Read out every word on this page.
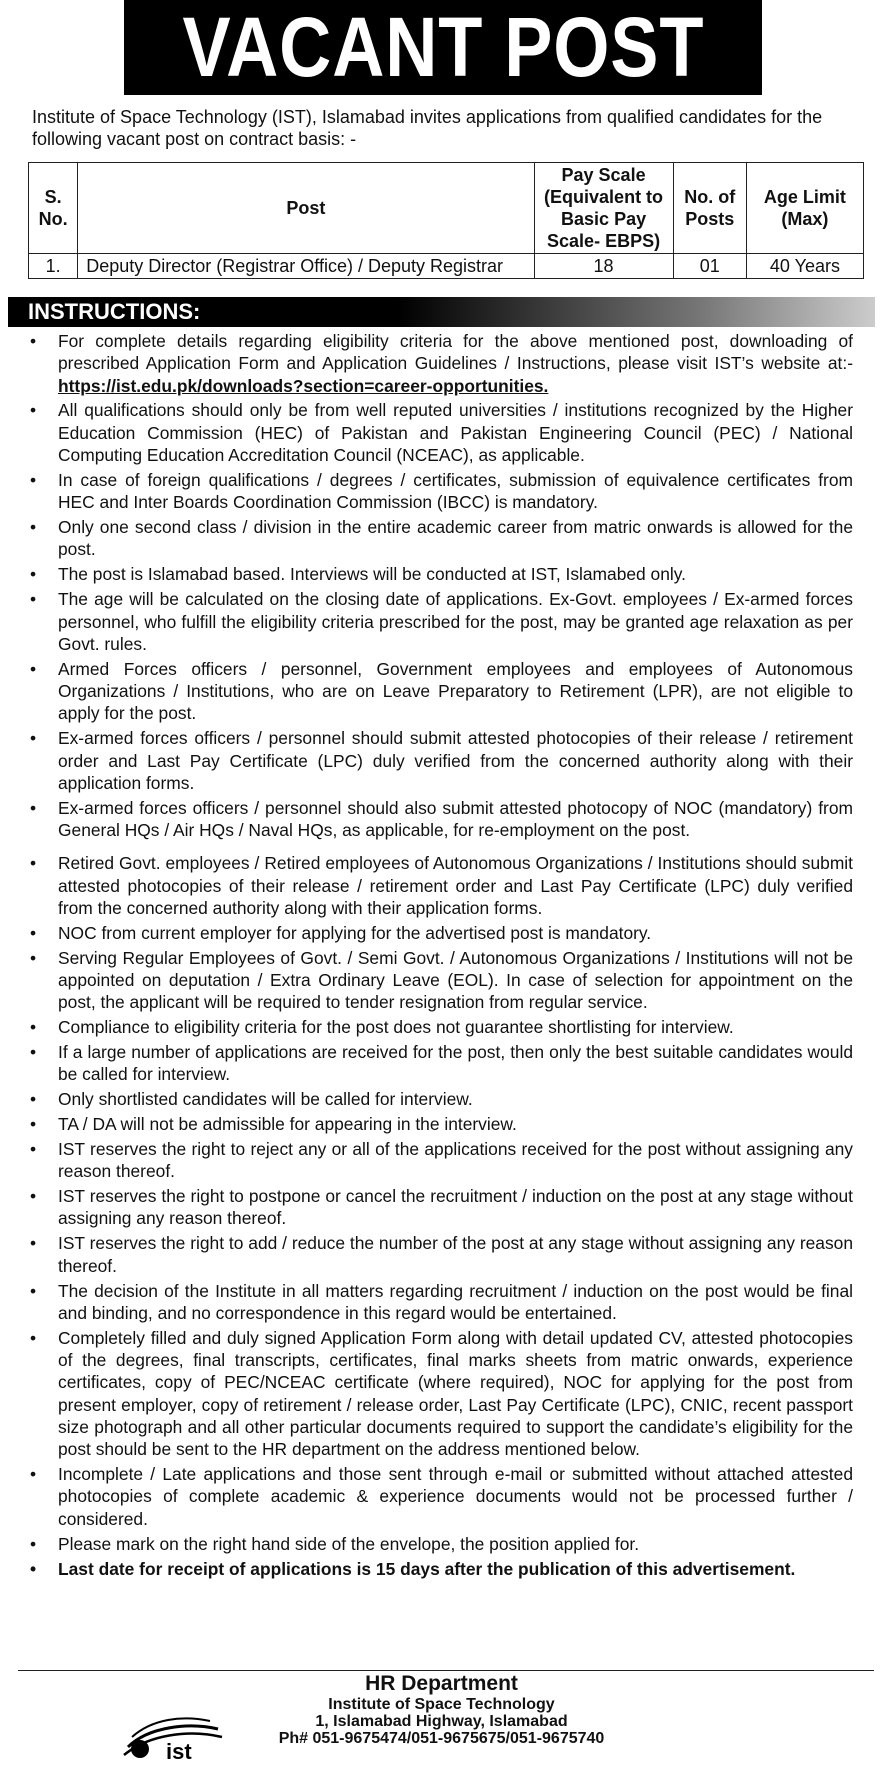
VACANT POST
Institute of Space Technology (IST), Islamabad invites applications from qualified candidates for the following vacant post on contract basis: -
S. No.	Post	Pay Scale (Equivalent to Basic Pay Scale- EBPS)	No. of Posts	Age Limit (Max)
1.	Deputy Director (Registrar Office) / Deputy Registrar	18	01	40 Years
INSTRUCTIONS:
• For complete details regarding eligibility criteria for the above mentioned post, downloading of prescribed Application Form and Application Guidelines / Instructions, please visit IST’s website at:-https://ist.edu.pk/downloads?section=career-opportunities.
• All qualifications should only be from well reputed universities / institutions recognized by the Higher Education Commission (HEC) of Pakistan and Pakistan Engineering Council (PEC) / National Computing Education Accreditation Council (NCEAC), as applicable.
• In case of foreign qualifications / degrees / certificates, submission of equivalence certificates from HEC and Inter Boards Coordination Commission (IBCC) is mandatory.
• Only one second class / division in the entire academic career from matric onwards is allowed for the post.
• The post is Islamabad based. Interviews will be conducted at IST, Islamabed only.
• The age will be calculated on the closing date of applications. Ex-Govt. employees / Ex-armed forces personnel, who fulfill the eligibility criteria prescribed for the post, may be granted age relaxation as per Govt. rules.
• Armed Forces officers / personnel, Government employees and employees of Autonomous Organizations / Institutions, who are on Leave Preparatory to Retirement (LPR), are not eligible to apply for the post.
• Ex-armed forces officers / personnel should submit attested photocopies of their release / retirement order and Last Pay Certificate (LPC) duly verified from the concerned authority along with their application forms.
• Ex-armed forces officers / personnel should also submit attested photocopy of NOC (mandatory) from General HQs / Air HQs / Naval HQs, as applicable, for re-employment on the post.
• Retired Govt. employees / Retired employees of Autonomous Organizations / Institutions should submit attested photocopies of their release / retirement order and Last Pay Certificate (LPC) duly verified from the concerned authority along with their application forms.
• NOC from current employer for applying for the advertised post is mandatory.
• Serving Regular Employees of Govt. / Semi Govt. / Autonomous Organizations / Institutions will not be appointed on deputation / Extra Ordinary Leave (EOL). In case of selection for appointment on the post, the applicant will be required to tender resignation from regular service.
• Compliance to eligibility criteria for the post does not guarantee shortlisting for interview.
• If a large number of applications are received for the post, then only the best suitable candidates would be called for interview.
• Only shortlisted candidates will be called for interview.
• TA / DA will not be admissible for appearing in the interview.
• IST reserves the right to reject any or all of the applications received for the post without assigning any reason thereof.
• IST reserves the right to postpone or cancel the recruitment / induction on the post at any stage without assigning any reason thereof.
• IST reserves the right to add / reduce the number of the post at any stage without assigning any reason thereof.
• The decision of the Institute in all matters regarding recruitment / induction on the post would be final and binding, and no correspondence in this regard would be entertained.
• Completely filled and duly signed Application Form along with detail updated CV, attested photocopies of the degrees, final transcripts, certificates, final marks sheets from matric onwards, experience certificates, copy of PEC/NCEAC certificate (where required), NOC for applying for the post from present employer, copy of retirement / release order, Last Pay Certificate (LPC), CNIC, recent passport size photograph and all other particular documents required to support the candidate’s eligibility for the post should be sent to the HR department on the address mentioned below.
• Incomplete / Late applications and those sent through e-mail or submitted without attached attested photocopies of complete academic & experience documents would not be processed further / considered.
• Please mark on the right hand side of the envelope, the position applied for.
• Last date for receipt of applications is 15 days after the publication of this advertisement.
ist
HR Department
Institute of Space Technology
1, Islamabad Highway, Islamabad
Ph# 051-9675474/051-9675675/051-9675740
